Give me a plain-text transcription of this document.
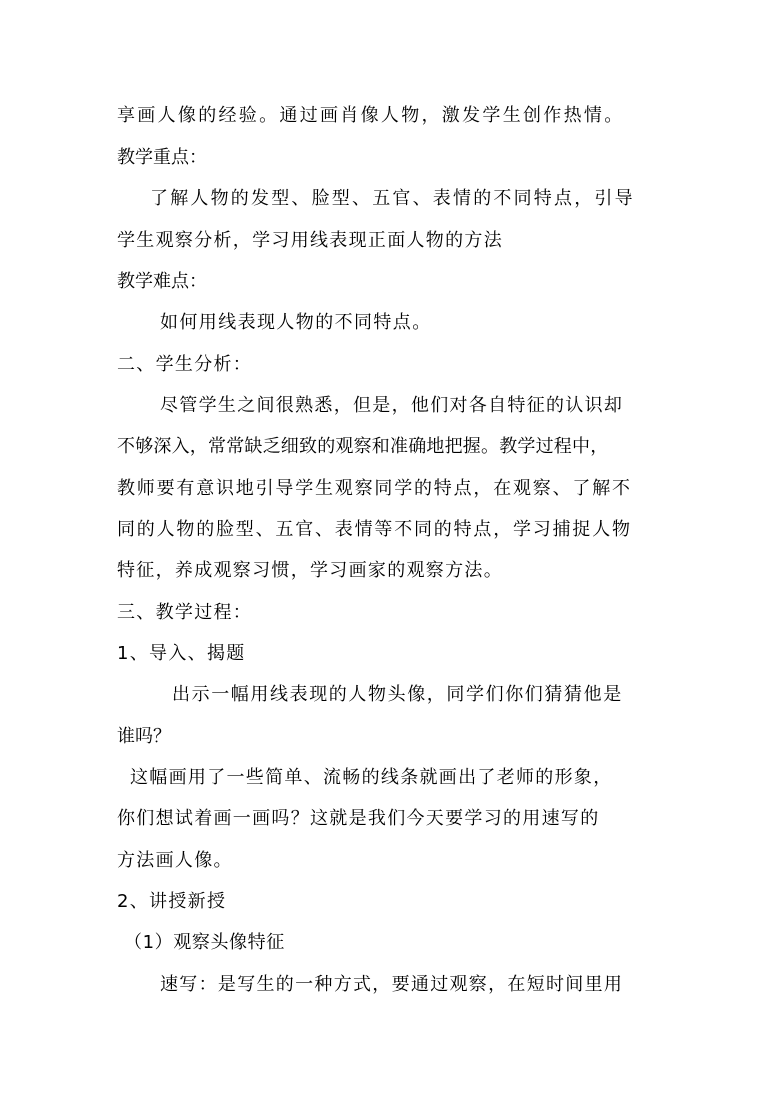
享画人像的经验。通过画肖像人物，激发学生创作热情。
教学重点：
了解人物的发型、脸型、五官、表情的不同特点，引导
学生观察分析，学习用线表现正面人物的方法
教学难点：
如何用线表现人物的不同特点。
二、学生分析：
尽管学生之间很熟悉，但是，他们对各自特征的认识却
不够深入，常常缺乏细致的观察和准确地把握。教学过程中，
教师要有意识地引导学生观察同学的特点，在观察、了解不
同的人物的脸型、五官、表情等不同的特点，学习捕捉人物
特征，养成观察习惯，学习画家的观察方法。
三、教学过程：
1、导入、揭题
出示一幅用线表现的人物头像，同学们你们猜猜他是
谁吗？
这幅画用了一些简单、流畅的线条就画出了老师的形象，
你们想试着画一画吗？这就是我们今天要学习的用速写的
方法画人像。
2、讲授新授
（1）观察头像特征
速写：是写生的一种方式，要通过观察，在短时间里用
